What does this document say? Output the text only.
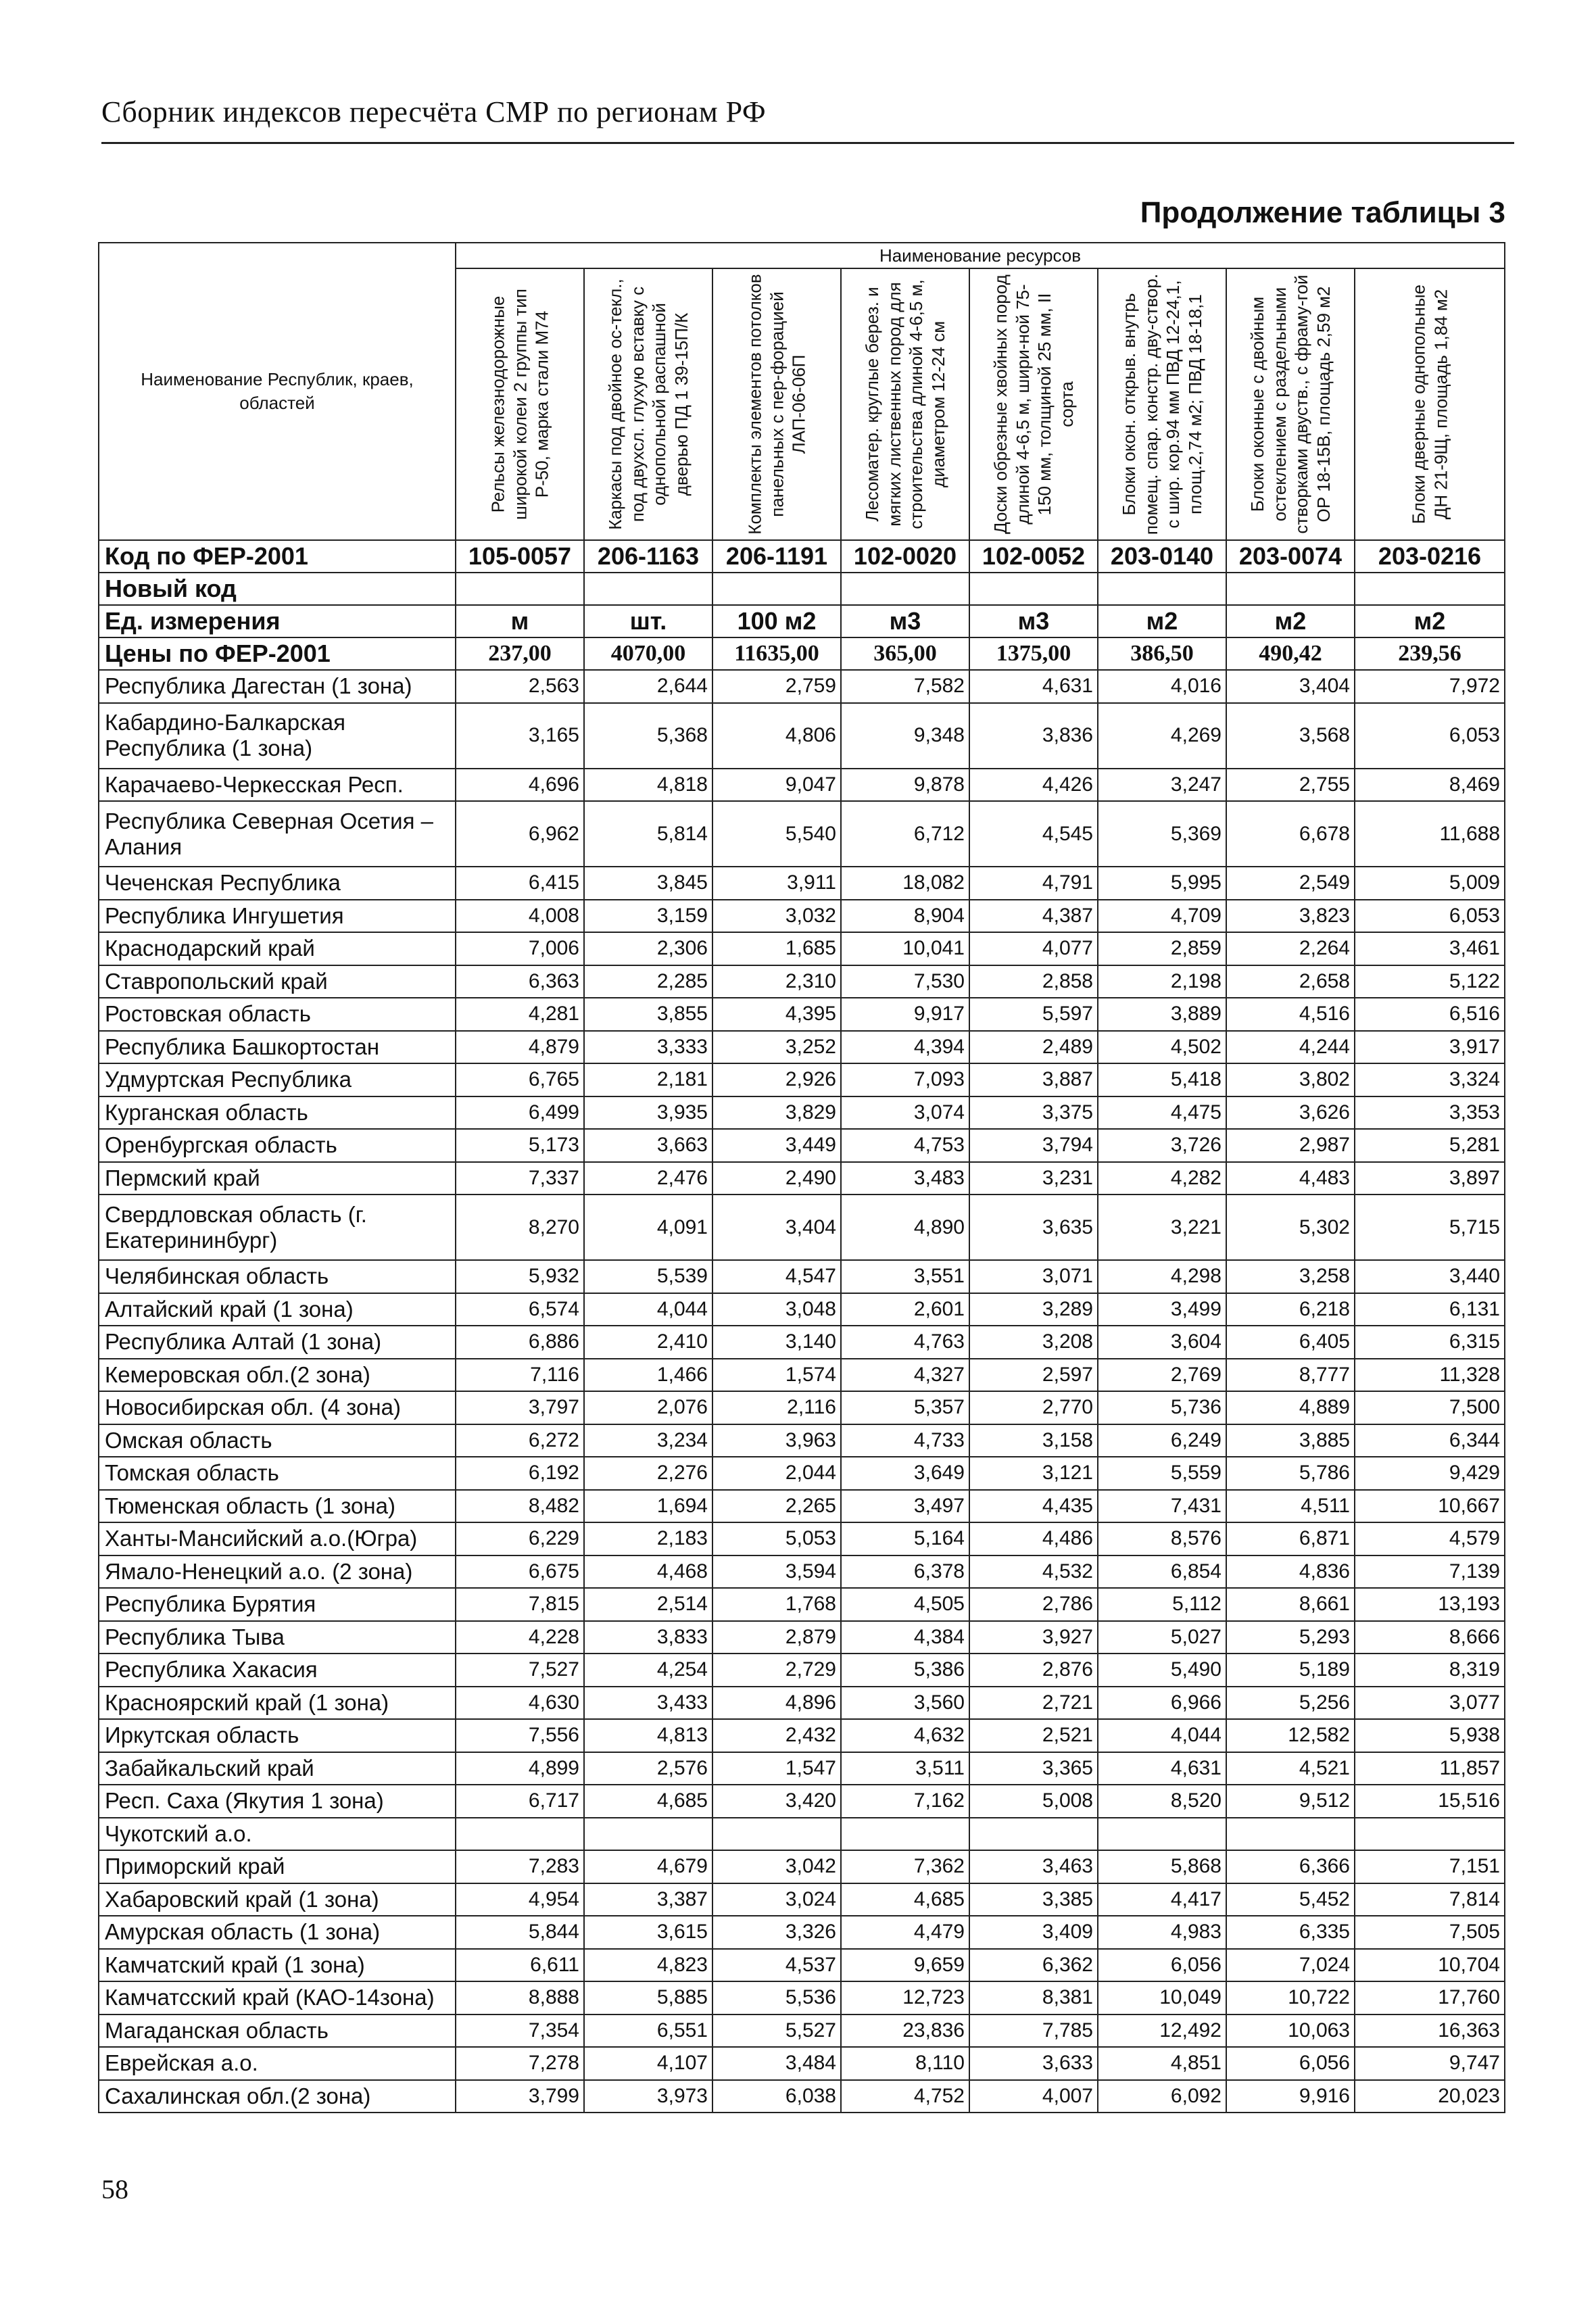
Сборник индексов пересчёта СМР по регионам РФ
Продолжение таблицы 3
Наименование Республик, краев, областей	Наименование ресурсов							

	Рельсы железнодорожные широкой колеи 2 группы тип Р-50, марка стали М74	Каркасы под двойное ос-текл., под двухсл. глухую вставку с однопольной распашной дверью ПД 1 39-15П/К	Комплекты элементов потолков панельных с пер-форацией ЛАП-06-06П	Лесоматер. круглые берез. и мягких лиственных пород для строительства длиной 4-6,5 м, диаметром 12-24 см	Доски обрезные хвойных пород длиной 4-6,5 м, шири-ной 75-150 мм, толщиной 25 мм, II сорта	Блоки окон. открыв. внутрь помещ. спар. констр. дву-створ. с шир. кор.94 мм ПВД 12-24,1, площ.2,74 м2; ПВД 18-18,1	Блоки оконные с двойным остеклением с раздельными створками двуств., с фраму-гой ОР 18-15В, площадь 2,59 м2	Блоки дверные однопольные ДН 21-9Щ, площадь 1,84 м2

Код по ФЕР-2001	105-0057	206-1163	206-1191	102-0020	102-0052	203-0140	203-0074	203-0216
Новый код								
Ед. измерения	м	шт.	100 м2	м3	м3	м2	м2	м2
Цены по ФЕР-2001	237,00	4070,00	11635,00	365,00	1375,00	386,50	490,42	239,56
Республика Дагестан (1 зона)	2,563	2,644	2,759	7,582	4,631	4,016	3,404	7,972
Кабардино-Балкарская Республика (1 зона)	3,165	5,368	4,806	9,348	3,836	4,269	3,568	6,053
Карачаево-Черкесская Респ.	4,696	4,818	9,047	9,878	4,426	3,247	2,755	8,469
Республика Северная Осетия – Алания	6,962	5,814	5,540	6,712	4,545	5,369	6,678	11,688
Чеченская Республика	6,415	3,845	3,911	18,082	4,791	5,995	2,549	5,009
Республика Ингушетия	4,008	3,159	3,032	8,904	4,387	4,709	3,823	6,053
Краснодарский край	7,006	2,306	1,685	10,041	4,077	2,859	2,264	3,461
Ставропольский край	6,363	2,285	2,310	7,530	2,858	2,198	2,658	5,122
Ростовская область	4,281	3,855	4,395	9,917	5,597	3,889	4,516	6,516
Республика Башкортостан	4,879	3,333	3,252	4,394	2,489	4,502	4,244	3,917
Удмуртская Республика	6,765	2,181	2,926	7,093	3,887	5,418	3,802	3,324
Курганская область	6,499	3,935	3,829	3,074	3,375	4,475	3,626	3,353
Оренбургская область	5,173	3,663	3,449	4,753	3,794	3,726	2,987	5,281
Пермский край	7,337	2,476	2,490	3,483	3,231	4,282	4,483	3,897
Свердловская область (г. Екатерининбург)	8,270	4,091	3,404	4,890	3,635	3,221	5,302	5,715
Челябинская область	5,932	5,539	4,547	3,551	3,071	4,298	3,258	3,440
Алтайский край (1 зона)	6,574	4,044	3,048	2,601	3,289	3,499	6,218	6,131
Республика Алтай (1 зона)	6,886	2,410	3,140	4,763	3,208	3,604	6,405	6,315
Кемеровская обл.(2 зона)	7,116	1,466	1,574	4,327	2,597	2,769	8,777	11,328
Новосибирская обл. (4 зона)	3,797	2,076	2,116	5,357	2,770	5,736	4,889	7,500
Омская область	6,272	3,234	3,963	4,733	3,158	6,249	3,885	6,344
Томская область	6,192	2,276	2,044	3,649	3,121	5,559	5,786	9,429
Тюменская область (1 зона)	8,482	1,694	2,265	3,497	4,435	7,431	4,511	10,667
Ханты-Мансийский а.о.(Югра)	6,229	2,183	5,053	5,164	4,486	8,576	6,871	4,579
Ямало-Ненецкий а.о. (2 зона)	6,675	4,468	3,594	6,378	4,532	6,854	4,836	7,139
Республика Бурятия	7,815	2,514	1,768	4,505	2,786	5,112	8,661	13,193
Республика Тыва	4,228	3,833	2,879	4,384	3,927	5,027	5,293	8,666
Республика Хакасия	7,527	4,254	2,729	5,386	2,876	5,490	5,189	8,319
Красноярский край (1 зона)	4,630	3,433	4,896	3,560	2,721	6,966	5,256	3,077
Иркутская область	7,556	4,813	2,432	4,632	2,521	4,044	12,582	5,938
Забайкальский край	4,899	2,576	1,547	3,511	3,365	4,631	4,521	11,857
Респ. Саха (Якутия 1 зона)	6,717	4,685	3,420	7,162	5,008	8,520	9,512	15,516
Чукотский а.о.								
Приморский край	7,283	4,679	3,042	7,362	3,463	5,868	6,366	7,151
Хабаровский край (1 зона)	4,954	3,387	3,024	4,685	3,385	4,417	5,452	7,814
Амурская область (1 зона)	5,844	3,615	3,326	4,479	3,409	4,983	6,335	7,505
Камчатский край (1 зона)	6,611	4,823	4,537	9,659	6,362	6,056	7,024	10,704
Камчатсский край (КАО-14зона)	8,888	5,885	5,536	12,723	8,381	10,049	10,722	17,760
Магаданская область	7,354	6,551	5,527	23,836	7,785	12,492	10,063	16,363
Еврейская а.о.	7,278	4,107	3,484	8,110	3,633	4,851	6,056	9,747
Сахалинская обл.(2 зона)	3,799	3,973	6,038	4,752	4,007	6,092	9,916	20,023
58
